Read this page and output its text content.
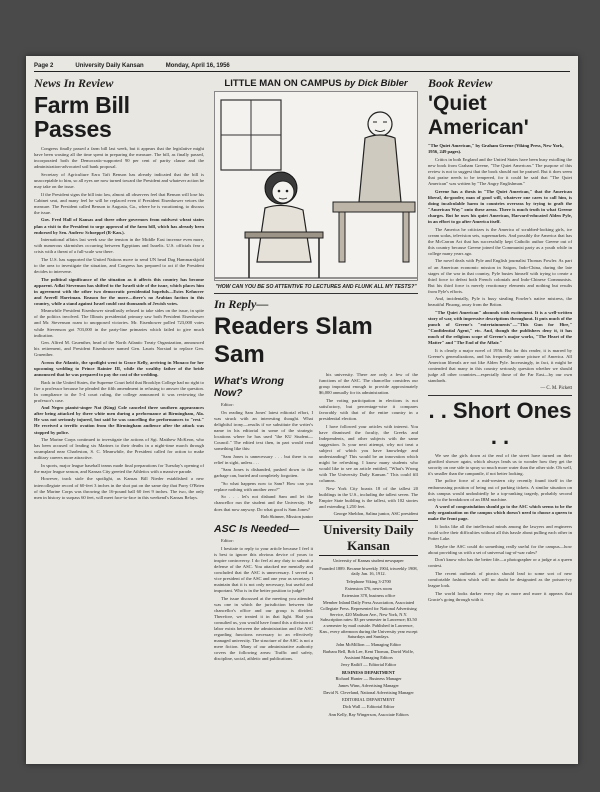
Page 2	University Daily Kansan	Monday, April 16, 1956
News In Review
Farm Bill Passes

Congress finally passed a farm bill last week, but it appears that the legislative might have been wasting all the time spent in preparing the measure. The bill, as finally passed, incorporated both the Democratic-supported 90 per cent of parity clause and the administration-advocated soil bank proposal.

Secretary of Agriculture Ezra Taft Benson has already indicated that the bill is unacceptable to him, so all eyes are now turned toward the President and whatever action he may take on the issue.

If the President signs the bill into law, almost all observers feel that Benson will lose his Cabinet seat, and many feel he will be replaced even if President Eisenhower vetoes the measure. The President called Benson to Augusta, Ga., where he is vacationing, to discuss the issue.

Gov. Fred Hall of Kansas and three other governors from midwest wheat states plan a visit to the President to urge approval of the farm bill, which has already been endorsed by Sen. Andrew Schoeppel (R-Kan.).

International affairs last week saw the tension in the Middle East increase even more, with numerous skirmishes occurring between Egyptians and Israelis. U.S. officials fear a crisis with a threat of a full-scale war there.

The U.S. has supported the United Nations move to send UN head Dag Hammarskjold to the area to investigate the situation, and Congress has prepared to act if the President decides to intervene.

The political significance of the situation as it affects this country has become apparent. Adlai Stevenson has shifted to the Israeli side of the issue, which places him in agreement with the other two democratic presidential hopefuls—Estes Kefauver and Averell Harriman. Reason for the move—there's no Arabian faction in this country, while a stand against Israel could cost thousands of Jewish votes.

Meanwhile President Eisenhower steadfastly refused to take sides on the issue, in spite of the politics involved. The Illinois presidential primary saw both President Eisenhower and Mr. Stevenson roam to unopposed victories. Mr. Eisenhower polled 723,000 votes while Stevenson got 703,000 in the party-line primaries which failed to give much indication.

Gen. Alfred M. Gruenther, head of the North Atlantic Treaty Organization, announced his retirement, and President Eisenhower named Gen. Lauris Norstad to replace Gen. Gruenther.

Across the Atlantic, the spotlight went to Grace Kelly, arriving in Monaco for her upcoming wedding to Prince Rainier III, while the wealthy father of the bride announced that he was prepared to pay the cost of the wedding.

Back in the United States, the Supreme Court held that Brooklyn College had no right to fire a professor because he pleaded the fifth amendment in refusing to answer the question. In compliance to the 5-4 court ruling, the college announced it was reviewing the professor's case.

And Negro pianist-singer Nat (King) Cole canceled three southern appearances after being attacked by three white men during a performance at Birmingham, Ala. He was not seriously injured, but said he was cancelling the performances to "rest." He received a terrific ovation from the Birmingham audience after the attack was stopped by police.

The Marine Corps continued to investigate the actions of Sgt. Matthew McKeon, who has been accused of leading six Marines to their deaths in a night-time march through swampland near Charleston, S. C. Meanwhile, the President called for action to make military careers more attractive.

In sports, major league baseball teams made final preparations for Tuesday's opening of the major league season, and Kansas City greeted the Athletics with a massive parade.

However, track stole the spotlight, as Kansas Bill Nieder established a new intercollegiate record of 60-feet 3 inches in the shot put on the same day that Parry O'Brien of the Marine Corps was throwing the 16-pound ball 60 feet 9 inches. The two, the only men in history to surpass 60 feet, will meet face-to-face in this weekend's Kansas Relays.

LITTLE MAN ON CAMPUS by Dick Bibler
"HOW CAN YOU BE SO ATTENTIVE TO LECTURES AND FLUNK ALL MY TESTS?"
In Reply—
Readers Slam Sam
What's Wrong Now?

Editor:

On reading Sam Jones' latest editorial effort, I was struck with an interesting thought. What delightful irony—results if we substitute the writer's name in his editorial in some of the strategic locations where he has used "the KU Student—Council." The edited text then, in part would read something like this:

"Sam Jones is unnecessary . . . but there is no relief in sight, unless . . .

"Sam Jones is disbanded, pushed down to the garbage can, buried and completely forgotten.

"So what happens now to Sam? How can you replace nothing with another zero?"

So . . . let's not disband Sam and let the chancellor run the student and the University. He does that now anyway. Do what good is Sam Jones?

Bob Skinner, Mission junior
ASC Is Needed—

Editor:

I hesitate to reply to your article because I feel it is best to ignore this obvious device of yours to inspire controversy. I do feel at any duty to submit a defense of the ASC. You attacked me mentally and concluded that the ASC is unnecessary. I served as vice president of the ASC and one year as secretary. I maintain that it is not only necessary, but useful and important. Who is in the better position to judge?

The issue discussed at the meeting you attended was one in which the jurisdiction between the chancellor's office and our group is divided. Therefore, we treated it in that light. Had you consulted us, you would have found this a division of labor exists between the administration and the ASC regarding functions necessary to an effectively managed university. The structure of the ASC is not a mere fiction. Many of our administrative authority covers the following areas: Traffic and safety, discipline, social, athletic and publications.

his university. There are only a few of the functions of the ASC. The chancellor considers our group important enough to provide approximately $6,000 annually for its administration.

The voting participation in elections is not satisfactory, but percentage-wise it compares favorably with that of the entire country in a presidential election.

I have followed your articles with interest. You have dismissed the faculty, the Greeks and Independents, and other subjects with the same suggestion. Is your next attempt, why not treat a subject of which you have knowledge and understanding? This would be an innovation which might be refreshing. I know many students who would like to see an article entitled, "What's Wrong with The University Daily Kansan." This could fill columns.

New York City boasts 18 of the tallest 20 buildings in the U.S., including the tallest seven. The Empire State building is the tallest, with 102 stories and extending 1,250 feet.

George Sheldon, Salina junior, ASC president
University Daily Kansan
University of Kansas student newspaper
Founded 1889. Became biweekly 1904, triweekly 1908, daily Jan. 16, 1912.
Telephone Viking 3-2700
Extension 376, news room
Extension 378, business office
Member Inland Daily Press Association, Associated Collegiate Press. Represented for National Advertising Service, 420 Madison Ave., New York, N.Y. Subscription rates: $3 per semester in Lawrence; $3.50 a semester by mail outside. Published in Lawrence, Kan., every afternoon during the University year except Saturdays and Sundays.
John McMillion — Managing Editor
Barbara Bell, Bob Lee, Kent Thomas, David Wolfe, Assistant Managing Editors
Jerry Ratliff — Editorial Editor
BUSINESS DEPARTMENT
Richard Hunter — Business Manager
James Winn, Advertising Manager
David N. Cleveland, National Advertising Manager
EDITORIAL DEPARTMENT
Dick Wall — Editorial Editor
Ann Kelly, Ray Wingerson, Associate Editors
Book Review
'Quiet American'
"The Quiet American," by Graham Greene (Viking Press, New York, 1956, 249 pages).

Critics in both England and the United States have been busy extolling the new book from Graham Greene, "The Quiet American." The purpose of this review is not to suggest that the book should not be praised. But it does seem that praise needs to be tempered, for it could be said that "The Quiet American" was written by "The Angry Englishman."

Greene has a thesis in "The Quiet American," that the American liberal, do-gooder, man of good will, whatever one cares to call him, is doing incalculable harm in countries overseas by trying to graft the "American Way" onto these areas. There is much truth in what Greene charges. But he uses his quiet American, Harvard-educated Alden Pyle, in an effort to go after America itself.

The America he criticizes is the America of scrubbed-looking girls, ice cream sodas, television sets, supermarkets. And possibly the America that has the McCarran Act that has successfully kept Catholic author Greene out of this country because Greene joined the Communist party as a youth while in college many years ago.

The novel deals with Pyle and English journalist Thomas Fowler. As part of an American economic mission in Saigon, Indo-China, during the late stages of the war in that country, Pyle busies himself with trying to create a third force to defeat both French colonials and Indo-Chinese Communists. But his third force is merely reactionary elements and nothing but results from Pyle's efforts.

And, incidentally, Pyle is busy stealing Fowler's native mistress, the beautiful Phuong, away from the Briton.

"The Quiet American" abounds with excitement. It is a well-written story of war, with impressive descriptions throughout. It puts much of the punch of Greene's "entertainments"—"This Gun for Hire," "Confidential Agent," etc. And, though the publishers deny it, it has much of the religious scope of Greene's major works, "The Heart of the Matter" and "The End of the Affair."

It is clearly a major novel of 1956. But for this reader, it is marred by Greene's generalizations, and his frequently untrue picture of America. All American liberals are not like Alden Pyle. Increasingly, in fact, it might be contended that many in this country seriously question whether we should judge all other countries—especially those of the Far East—by our own standards.

— C. M. Pickett
. . Short Ones . .

We see the girls down at the end of the street have turned on their glorified shower again, which always leads us to wonder how they get the sorority on one side to spray so much more water than the other side. Oh well, it's smaller than the campanile, if not better looking.

The police force of a mid-western city recently found itself in the embarrassing position of being out of parking tickets. A similar situation on this campus would undoubtedly be a top-ranking tragedy, probably second only to the breakdown of an IBM machine.

A word of congratulation should go to the ASC which seems to be the only organization on the campus which doesn't need to choose a queen to make the front page.

It looks like all the intellectual minds among the lawyers and engineers could solve their difficulties without all this hassle about pulling each other in Potter Lake.

Maybe the ASC could do something really useful for the campus—how about providing us with a set of universal tug-of-war rules?

Don't know who has the better life—a photographer or a judge at a queen contest.

The recent outbreak of picnics should lead to some sort of new comfortable fashion which will no doubt be designated as the poison-ivy league look.

The world looks darker every day as more and more it appears that Gracie's going through with it.
